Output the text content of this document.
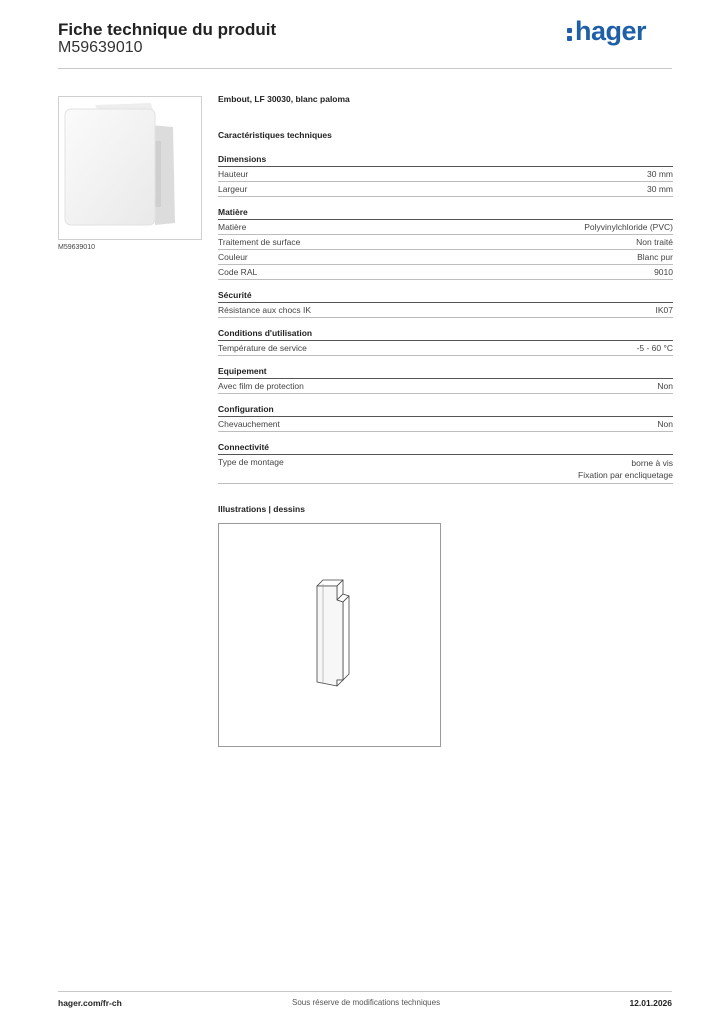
Fiche technique du produit
M59639010
hager
M59639010
Embout, LF 30030, blanc paloma
Caractéristiques techniques
Dimensions
Hauteur	30 mm
Largeur	30 mm
Matière
Matière	Polyvinylchloride (PVC)
Traitement de surface	Non traité
Couleur	Blanc pur
Code RAL	9010
Sécurité
Résistance aux chocs IK	IK07
Conditions d'utilisation
Température de service	-5 - 60 °C
Equipement
Avec film de protection	Non
Configuration
Chevauchement	Non
Connectivité
Type de montage	borne à vis
Fixation par encliquetage
Illustrations | dessins
hager.com/fr-ch	Sous réserve de modifications techniques	12.01.2026
